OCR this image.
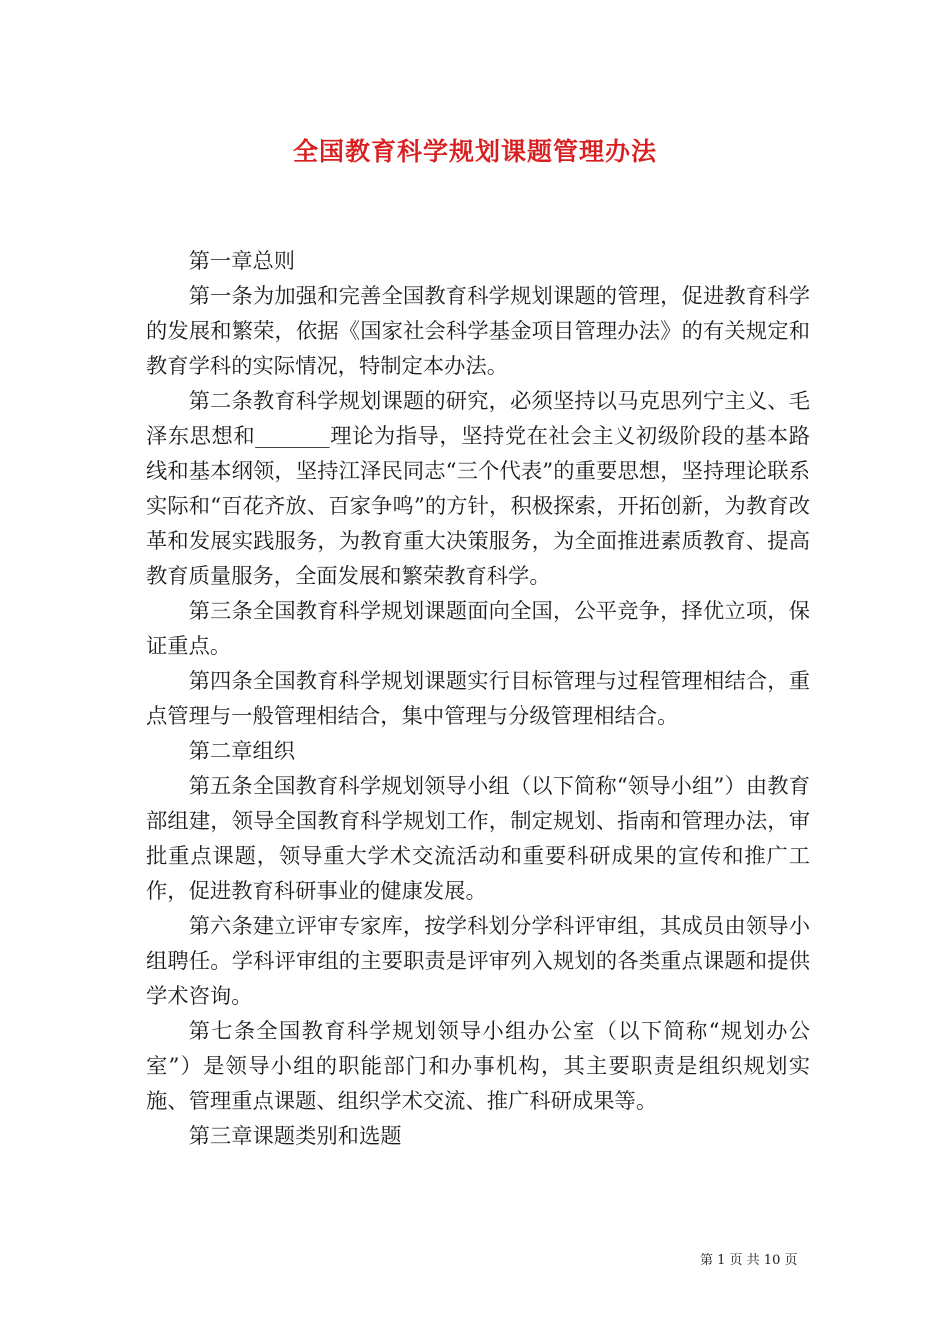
全国教育科学规划课题管理办法

第一章总则

第一条为加强和完善全国教育科学规划课题的管理，促进教育科学的发展和繁荣，依据《国家社会科学基金项目管理办法》的有关规定和教育学科的实际情况，特制定本办法。

第二条教育科学规划课题的研究，必须坚持以马克思列宁主义、毛泽东思想和_______理论为指导，坚持党在社会主义初级阶段的基本路线和基本纲领，坚持江泽民同志“三个代表”的重要思想，坚持理论联系实际和“百花齐放、百家争鸣”的方针，积极探索，开拓创新，为教育改革和发展实践服务，为教育重大决策服务，为全面推进素质教育、提高教育质量服务，全面发展和繁荣教育科学。

第三条全国教育科学规划课题面向全国，公平竞争，择优立项，保证重点。

第四条全国教育科学规划课题实行目标管理与过程管理相结合，重点管理与一般管理相结合，集中管理与分级管理相结合。

第二章组织

第五条全国教育科学规划领导小组（以下简称“领导小组”）由教育部组建，领导全国教育科学规划工作，制定规划、指南和管理办法，审批重点课题，领导重大学术交流活动和重要科研成果的宣传和推广工作，促进教育科研事业的健康发展。

第六条建立评审专家库，按学科划分学科评审组，其成员由领导小组聘任。学科评审组的主要职责是评审列入规划的各类重点课题和提供学术咨询。

第七条全国教育科学规划领导小组办公室（以下简称“规划办公室”）是领导小组的职能部门和办事机构，其主要职责是组织规划实施、管理重点课题、组织学术交流、推广科研成果等。

第三章课题类别和选题

第 1 页 共 10 页
